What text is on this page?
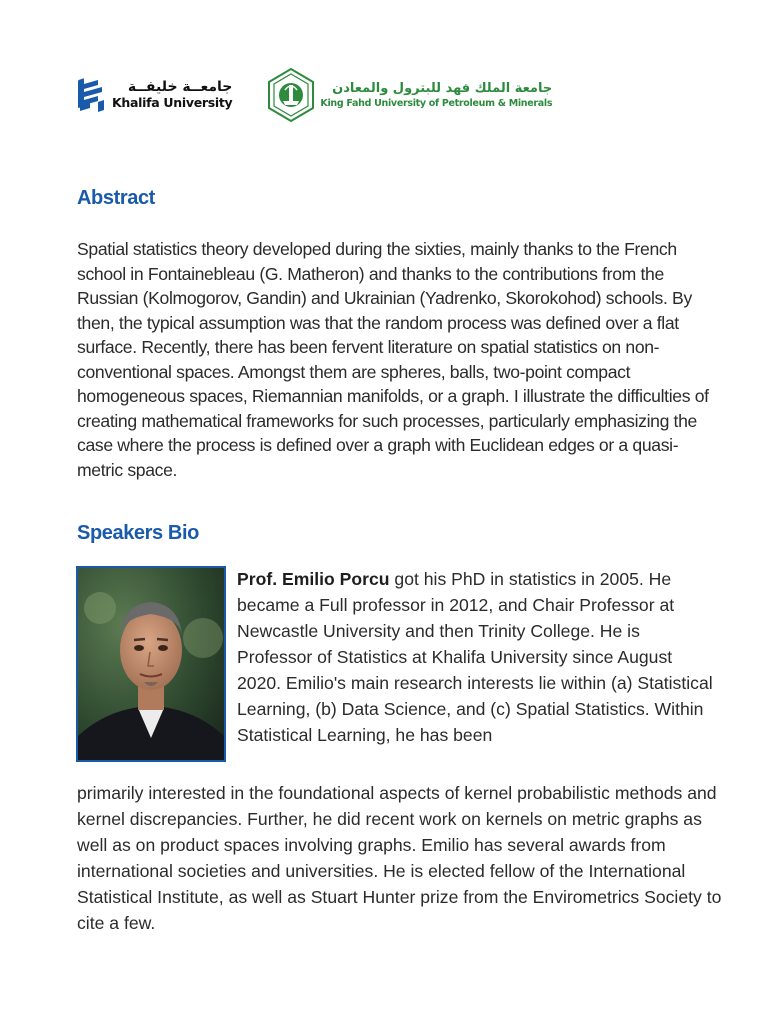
جامعــة خليفــة
Khalifa University
جامعة الملك فهد للبترول والمعادن
King Fahd University of Petroleum & Minerals
Abstract

Spatial statistics theory developed during the sixties, mainly thanks to the French school in Fontainebleau (G. Matheron) and thanks to the contributions from the Russian (Kolmogorov, Gandin) and Ukrainian (Yadrenko, Skorokohod) schools. By then, the typical assumption was that the random process was defined over a flat surface. Recently, there has been fervent literature on spatial statistics on non-conventional spaces. Amongst them are spheres, balls, two-point compact homogeneous spaces, Riemannian manifolds, or a graph. I illustrate the difficulties of creating mathematical frameworks for such processes, particularly emphasizing the case where the process is defined over a graph with Euclidean edges or a quasi-metric space.

Speakers Bio
Prof. Emilio Porcu got his PhD in statistics in 2005. He became a Full professor in 2012, and Chair Professor at Newcastle University and then Trinity College. He is Professor of Statistics at Khalifa University since August 2020. Emilio's main research interests lie within (a) Statistical Learning, (b) Data Science, and (c) Spatial Statistics. Within Statistical Learning, he has been
primarily interested in the foundational aspects of kernel probabilistic methods and kernel discrepancies. Further, he did recent work on kernels on metric graphs as well as on product spaces involving graphs. Emilio has several awards from international societies and universities. He is elected fellow of the International Statistical Institute, as well as Stuart Hunter prize from the Envirometrics Society to cite a few.
